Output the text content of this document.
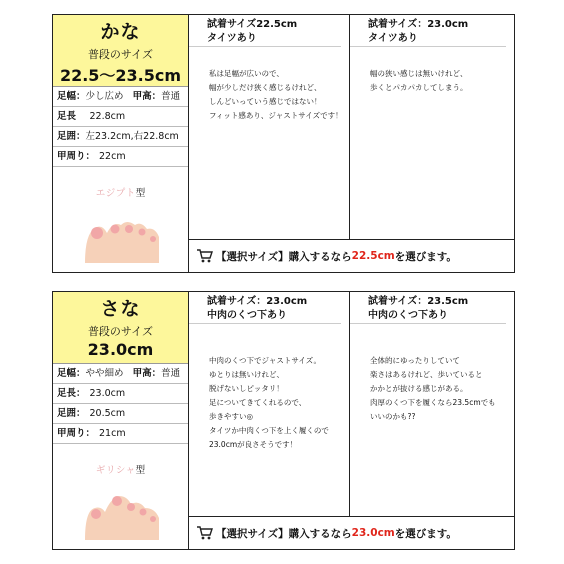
かな
普段のサイズ
22.5〜23.5cm
足幅：少し広め 甲高：普通
足長　22.8cm
足囲：左23.2cm,右22.8cm
甲周り： 22cm
エジプト型
試着サイズ22.5cm
タイツあり
私は足幅が広いので、
幅が少しだけ狭く感じるけれど、
しんどいっていう感じではない！
フィット感あり、ジャストサイズです！
試着サイズ：23.0cm
タイツあり
幅の狭い感じは無いけれど、
歩くとパカパカしてしまう。
【選択サイズ】購入するなら 22.5cm を選びます。
さな
普段のサイズ
23.0cm
足幅：やや細め 甲高：普通
足長： 23.0cm
足囲： 20.5cm
甲周り： 21cm
ギリシャ型
試着サイズ：23.0cm
中肉のくつ下あり
中肉のくつ下でジャストサイズ。
ゆとりは無いけれど、
脱げないしピッタリ！
足についてきてくれるので、
歩きやすい◎
タイツか中肉くつ下を上く履くので
23.0cmが良さそうです！
試着サイズ：23.5cm
中肉のくつ下あり
全体的にゆったりしていて
楽さはあるけれど、歩いていると
かかとが抜ける感じがある。
肉厚のくつ下を履くなら23.5cmでも
いいのかも??
【選択サイズ】購入するなら 23.0cm を選びます。
